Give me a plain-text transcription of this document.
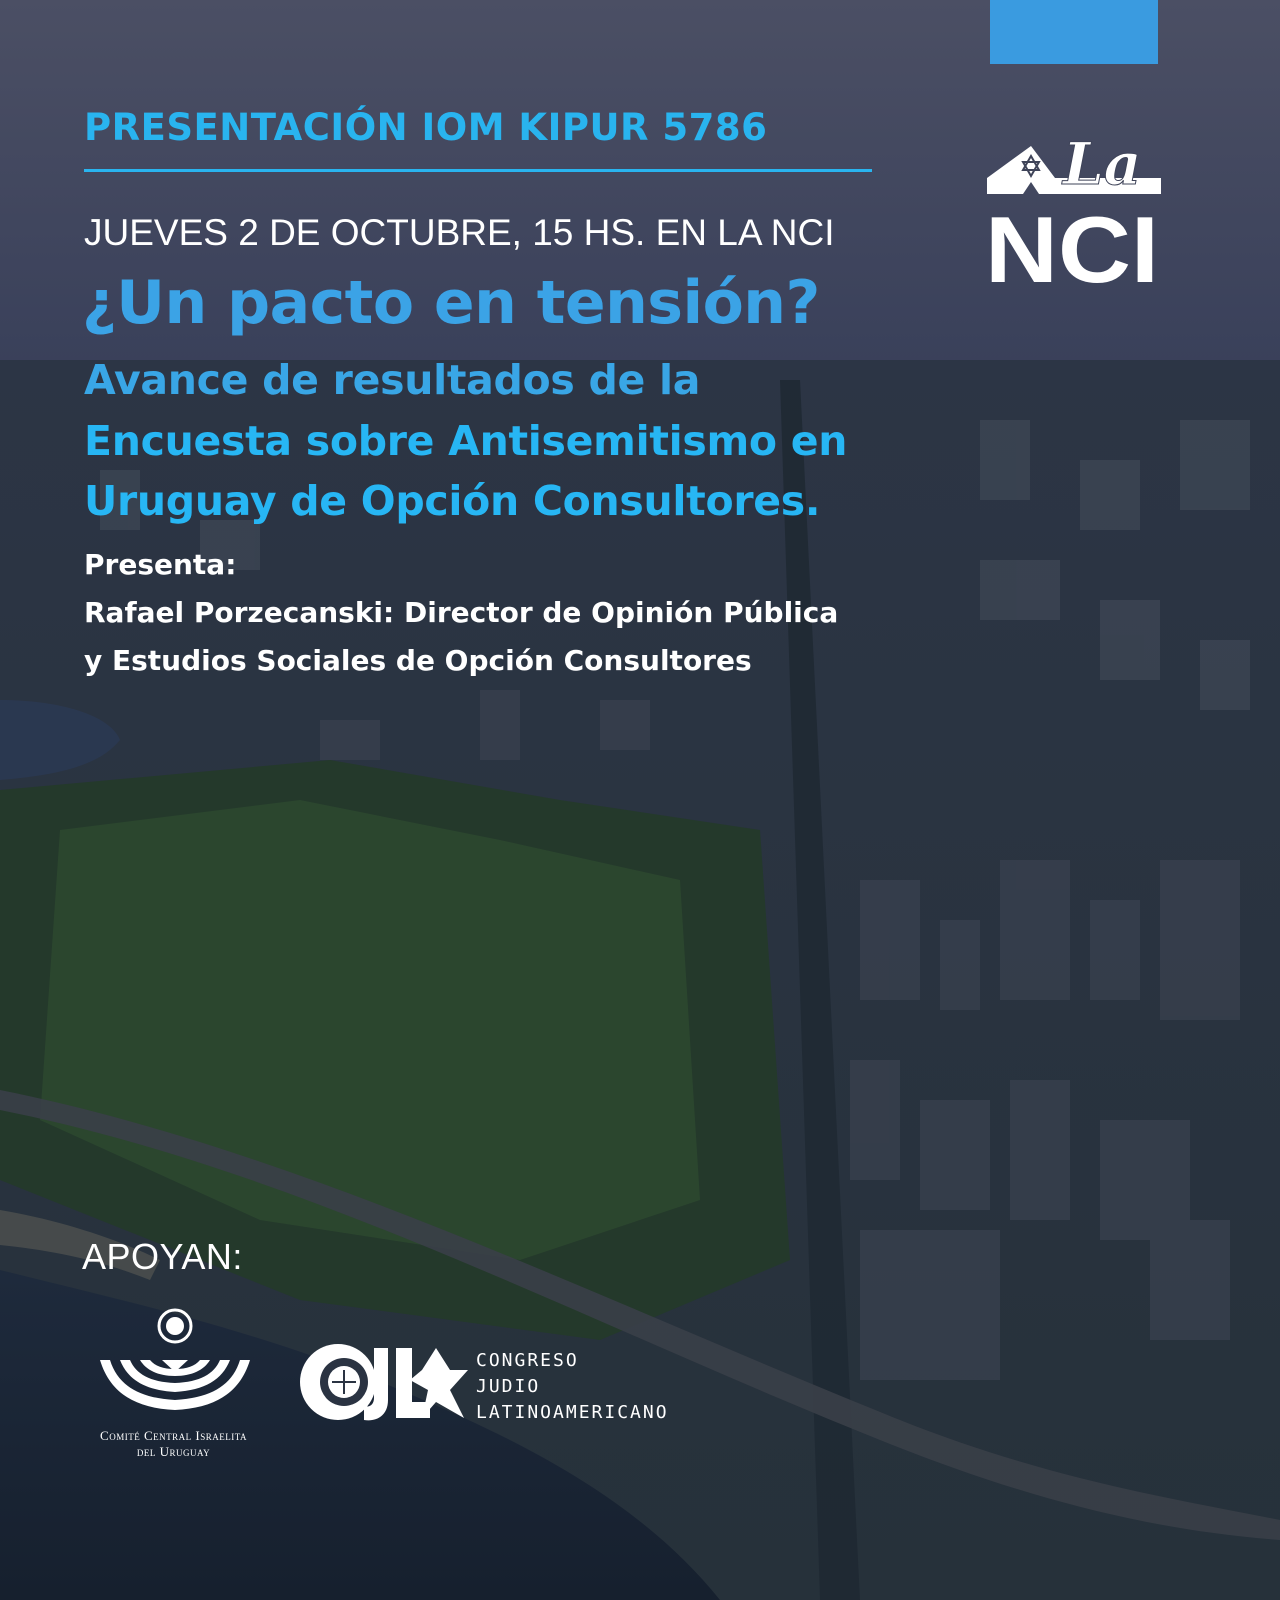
PRESENTACIÓN IOM KIPUR 5786
JUEVES 2 DE OCTUBRE, 15 HS. EN LA NCI
¿Un pacto en tensión?
Avance de resultados de la
Encuesta sobre Antisemitismo en
Uruguay de Opción Consultores.
Presenta:
Rafael Porzecanski: Director de Opinión Pública
y Estudios Sociales de Opción Consultores
La
NCI
APOYAN:
Comité Central Israelita
del Uruguay
CONGRESO
JUDIO
LATINOAMERICANO
